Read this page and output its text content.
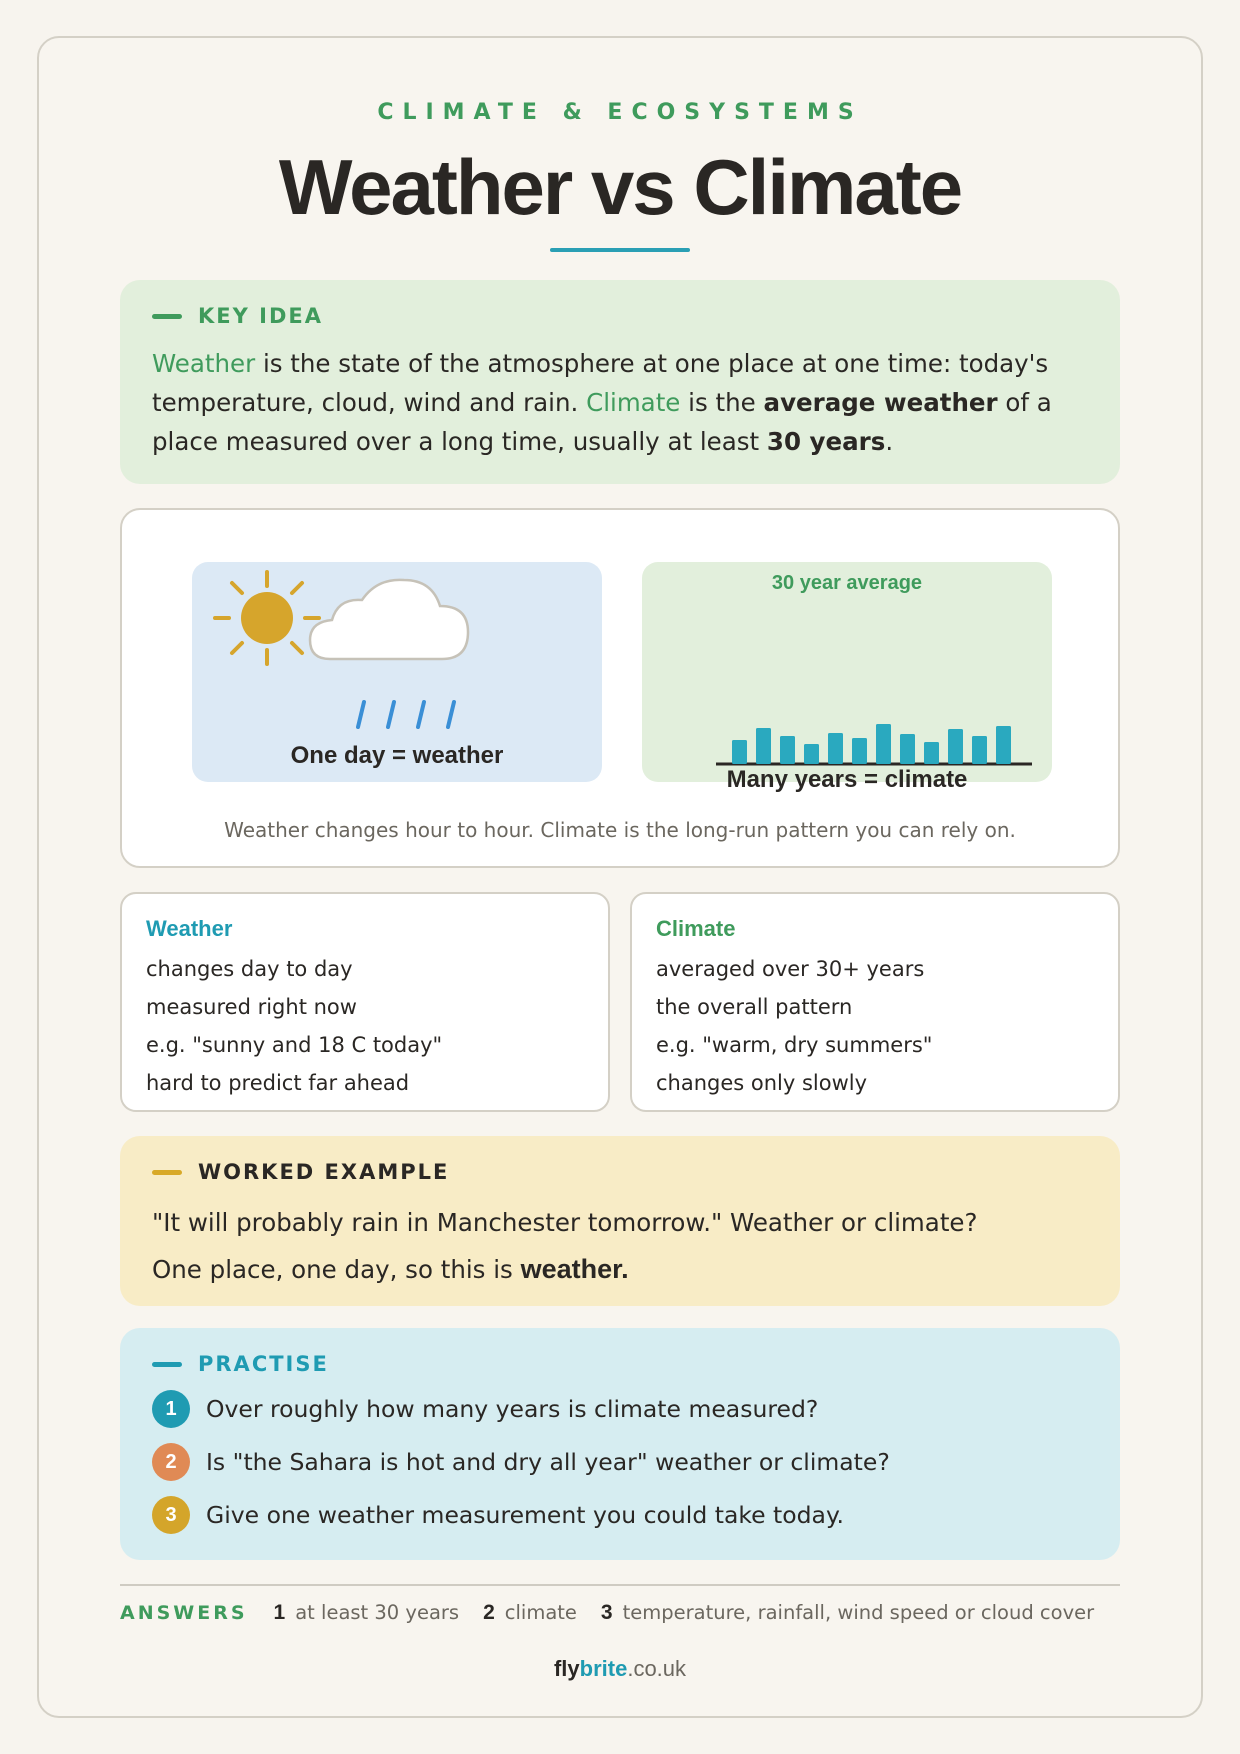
CLIMATE & ECOSYSTEMS
Weather vs Climate
KEY IDEA
Weather is the state of the atmosphere at one place at one time: today's temperature, cloud, wind and rain. Climate is the average weather of a place measured over a long time, usually at least 30 years.
One day = weather
30 year average
Many years = climate
Weather changes hour to hour. Climate is the long-run pattern you can rely on.
Weather
changes day to day
measured right now
e.g. "sunny and 18 C today"
hard to predict far ahead
Climate
averaged over 30+ years
the overall pattern
e.g. "warm, dry summers"
changes only slowly
WORKED EXAMPLE
"It will probably rain in Manchester tomorrow." Weather or climate?
One place, one day, so this is weather.
PRACTISE
1	Over roughly how many years is climate measured?
2	Is "the Sahara is hot and dry all year" weather or climate?
3	Give one weather measurement you could take today.
ANSWERS 1 at least 30 years 2 climate 3 temperature, rainfall, wind speed or cloud cover
flybrite.co.uk
